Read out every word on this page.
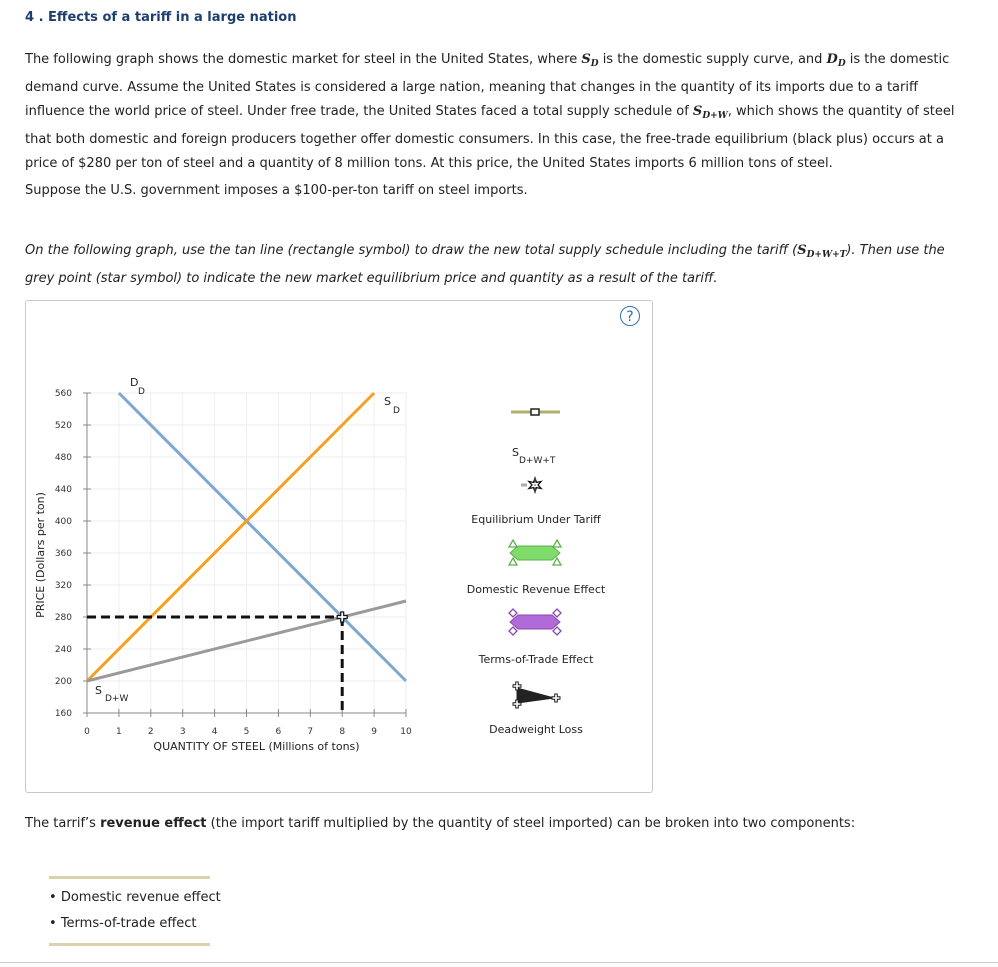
4 . Effects of a tariff in a large nation
The following graph shows the domestic market for steel in the United States, where $S_D$ is the domestic supply curve, and $D_D$ is the domestic demand curve. Assume the United States is considered a large nation, meaning that changes in the quantity of its imports due to a tariff influence the world price of steel. Under free trade, the United States faced a total supply schedule of $S_{D+W}$, which shows the quantity of steel that both domestic and foreign producers together offer domestic consumers. In this case, the free-trade equilibrium (black plus) occurs at a price of $280 per ton of steel and a quantity of 8 million tons. At this price, the United States imports 6 million tons of steel.
Suppose the U.S. government imposes a $100-per-ton tariff on steel imports.
On the following graph, use the tan line (rectangle symbol) to draw the new total supply schedule including the tariff $(S_{D+W+T})$. Then use the grey point (star symbol) to indicate the new market equilibrium price and quantity as a result of the tariff.
?
0	1	2	3	4	5	6	7	8	9	10
160
200
240
280
320
360
400
440
480
520
560
QUANTITY OF STEEL (Millions of tons)
PRICE (Dollars per ton)
D
D
S
D
S
D+W
S
D+W+T
Equilibrium Under Tariff
Domestic Revenue Effect
Terms-of-Trade Effect
Deadweight Loss
The tarrif’s revenue effect (the import tariff multiplied by the quantity of steel imported) can be broken into two components:
• Domestic revenue effect
• Terms-of-trade effect
